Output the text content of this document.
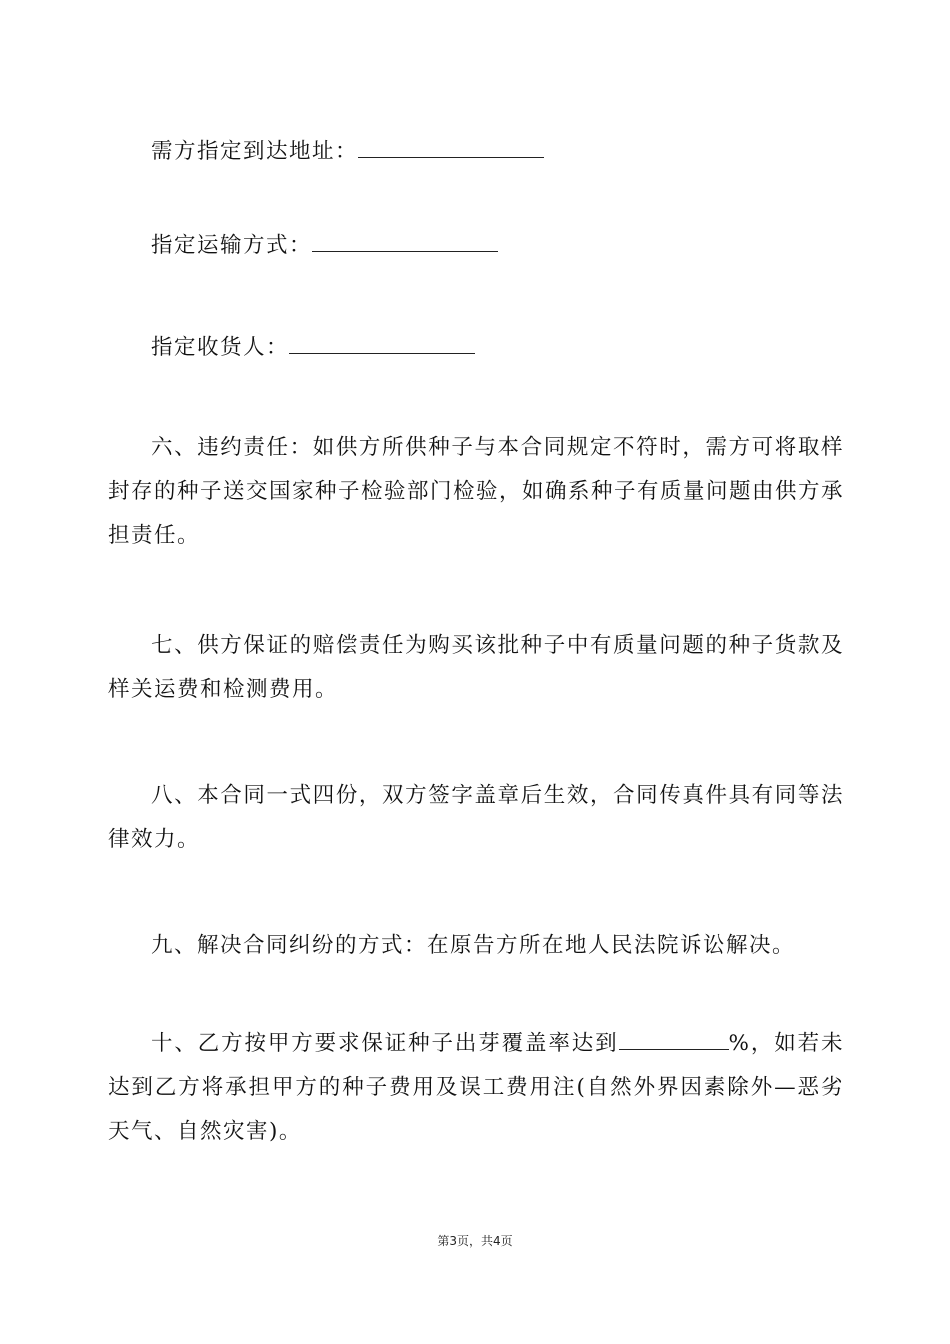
需方指定到达地址：

指定运输方式：

指定收货人：

六、违约责任：如供方所供种子与本合同规定不符时，需方可将取样封存的种子送交国家种子检验部门检验，如确系种子有质量问题由供方承担责任。

七、供方保证的赔偿责任为购买该批种子中有质量问题的种子货款及样关运费和检测费用。

八、本合同一式四份，双方签字盖章后生效，合同传真件具有同等法律效力。

九、解决合同纠纷的方式：在原告方所在地人民法院诉讼解决。

十、乙方按甲方要求保证种子出芽覆盖率达到	%，如若未达到乙方将承担甲方的种子费用及误工费用注(自然外界因素除外—恶劣天气、自然灾害)。

第3页，共4页
